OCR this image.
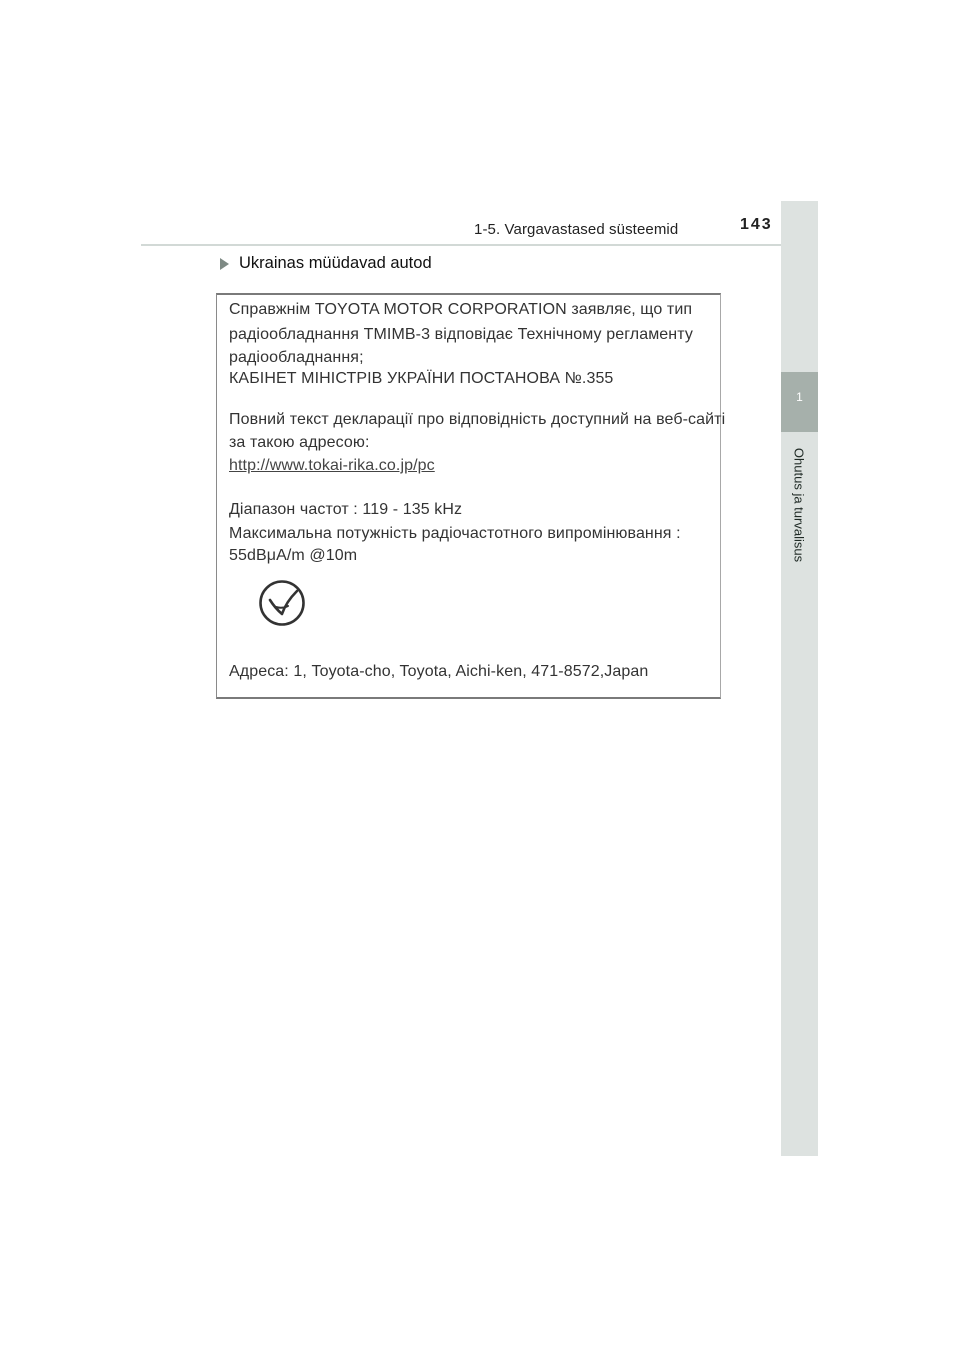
1-5. Vargavastased süsteemid	143
1
Ohutus ja turvalisus
Ukrainas müüdavad autod
Справжнім TOYOTA MOTOR CORPORATION заявляє, що тип
радіообладнання TMIMB-3 відповідає Технічному регламенту
радіообладнання;
КАБІНЕТ МІНІСТРІВ УКРАЇНИ ПОСТАНОВА №.355
Повний текст декларації про відповідність доступний на веб-сайті
за такою адресою:
http://www.tokai-rika.co.jp/pc
Діапазон частот : 119 - 135 kHz
Максимальна потужність радіочастотного випромінювання :
55dBμA/m @10m
Адреса: 1, Toyota-cho, Toyota, Aichi-ken, 471-8572,Japan
